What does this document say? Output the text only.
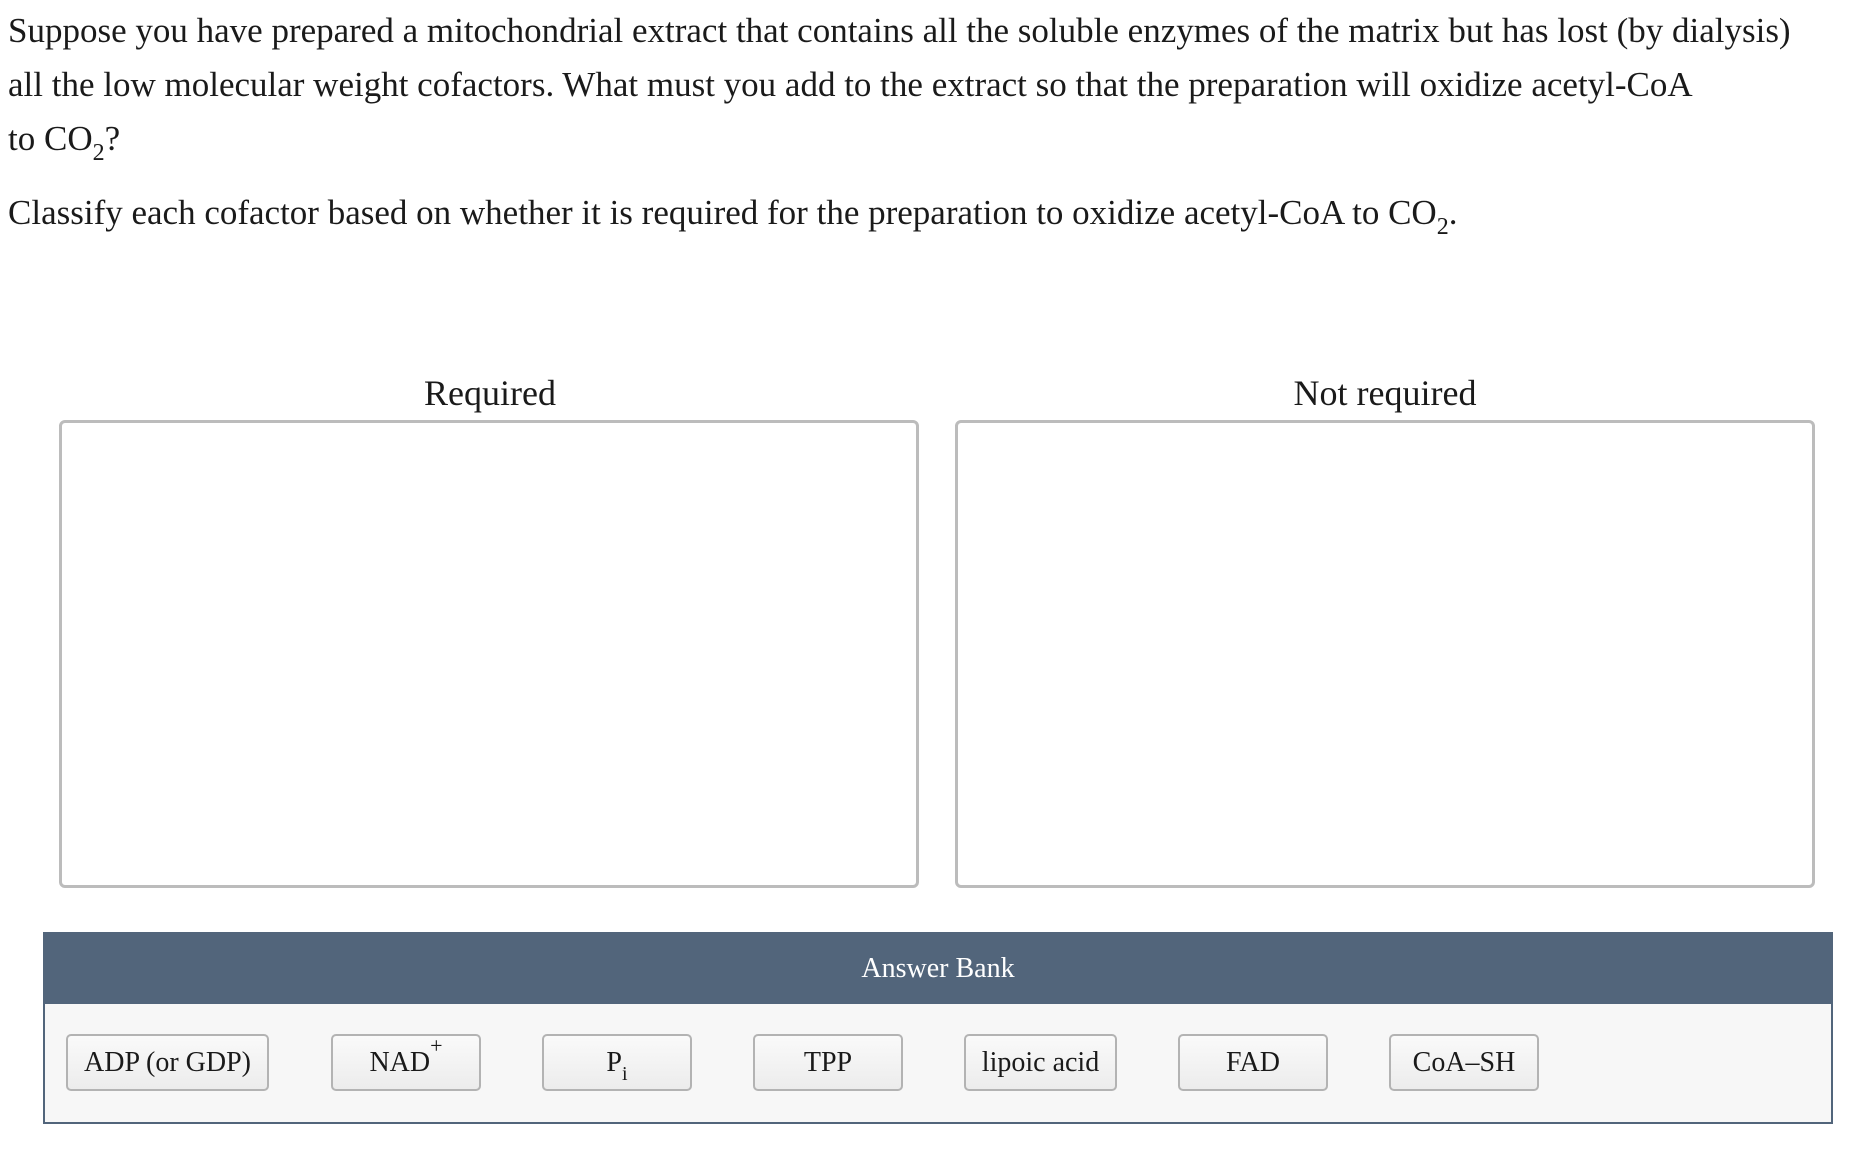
Suppose you have prepared a mitochondrial extract that contains all the soluble enzymes of the matrix but has lost (by dialysis)
all the low molecular weight cofactors. What must you add to the extract so that the preparation will oxidize acetyl-CoA
to $CO_2$?

Classify each cofactor based on whether it is required for the preparation to oxidize acetyl-CoA to $CO_2$.

Required	Not required
Answer Bank
ADP (or GDP)	NAD+
$P_i$	TPP	lipoic acid	FAD	CoA–SH
